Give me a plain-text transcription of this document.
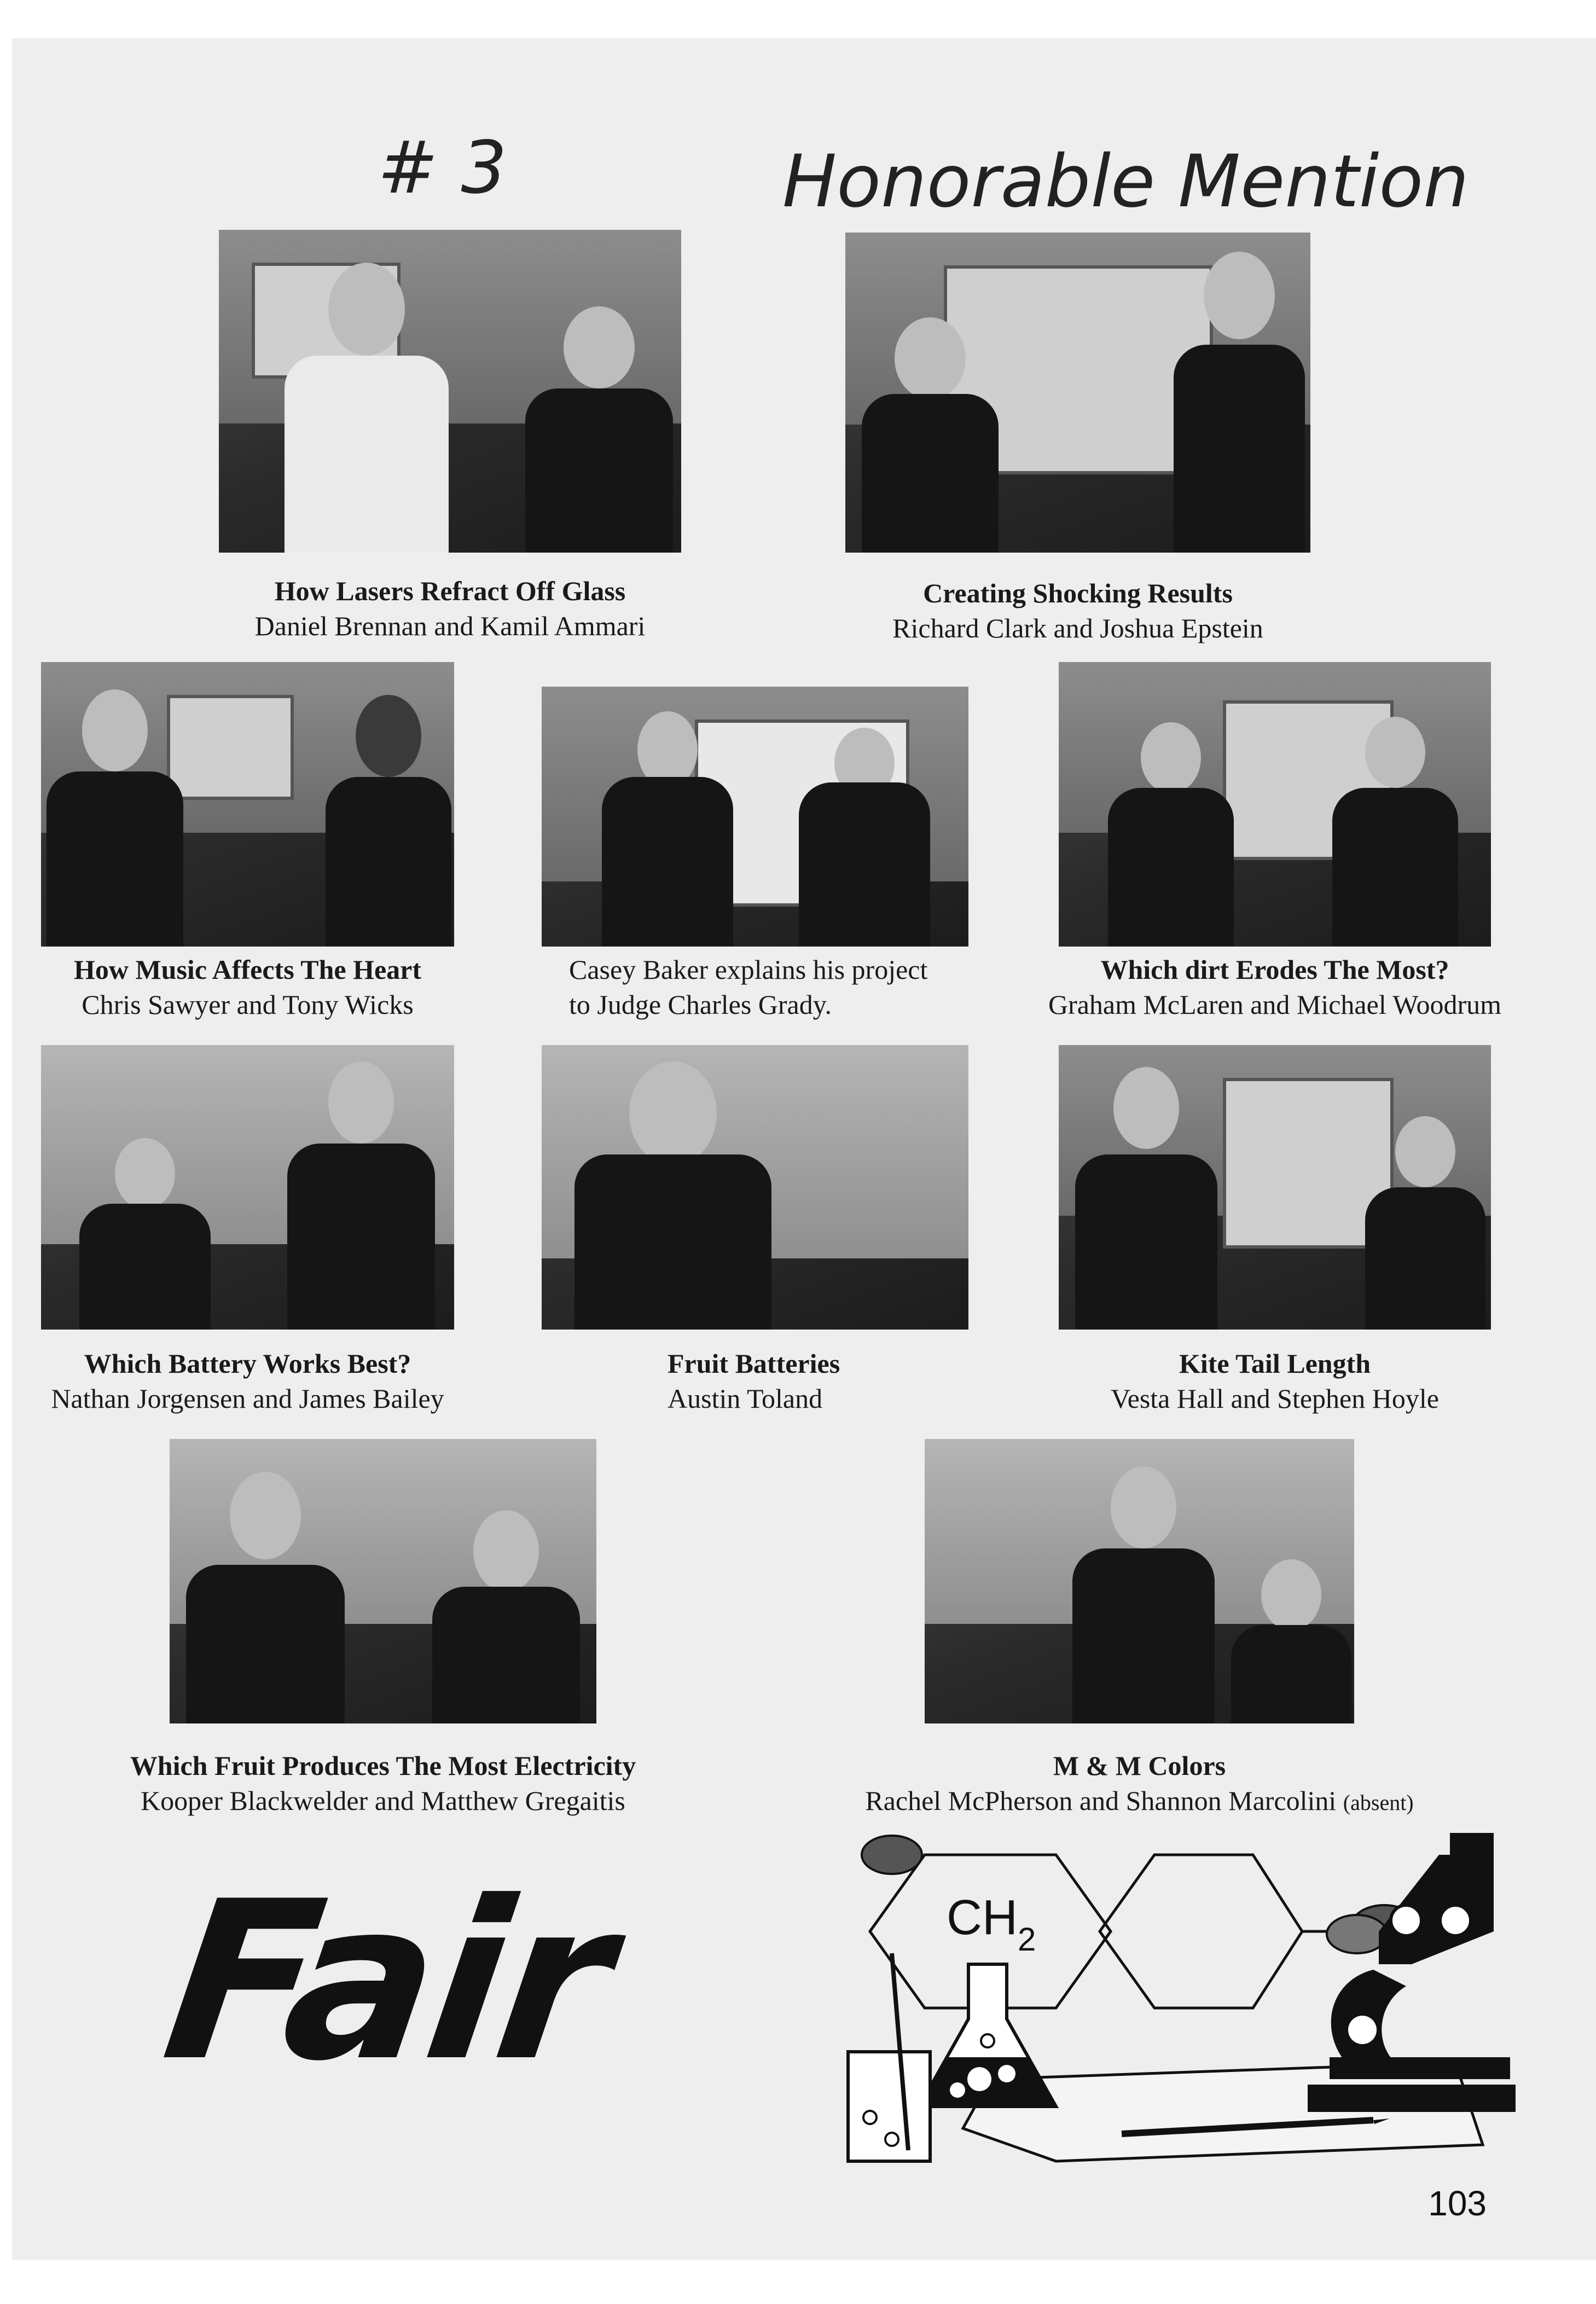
# 3	Honorable Mention
How Lasers Refract Off Glass
Daniel Brennan and Kamil Ammari
Creating Shocking Results
Richard Clark and Joshua Epstein
How Music Affects The Heart
Chris Sawyer and Tony Wicks
Casey Baker explains his project
to Judge Charles Grady.
Which dirt Erodes The Most?
Graham McLaren and Michael Woodrum
Which Battery Works Best?
Nathan Jorgensen and James Bailey
Fruit Batteries
Austin Toland
Kite Tail Length
Vesta Hall and Stephen Hoyle
Which Fruit Produces The Most Electricity
Kooper Blackwelder and Matthew Gregaitis
M & M Colors
Rachel McPherson and Shannon Marcolini (absent)
Fair	$CH_2$
103
